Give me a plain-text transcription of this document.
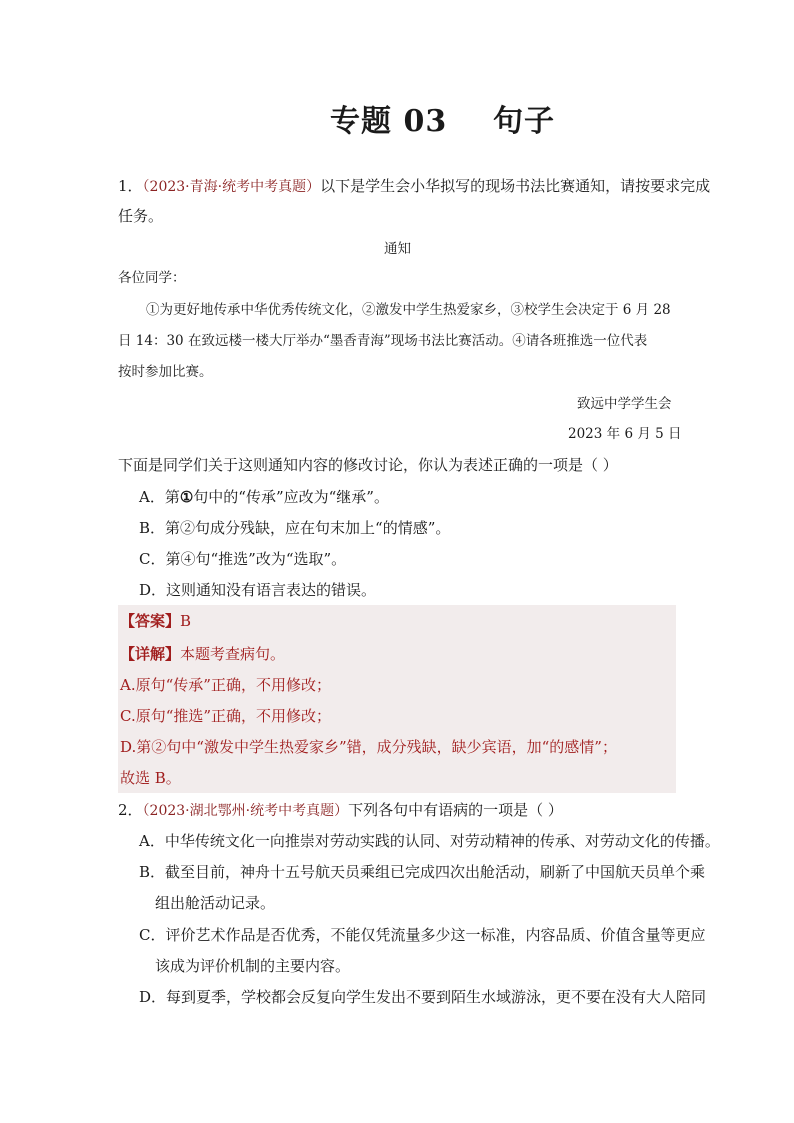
专题 03    句子
1．（2023·青海·统考中考真题）以下是学生会小华拟写的现场书法比赛通知，请按要求完成
任务。
通知
各位同学：
①为更好地传承中华优秀传统文化，②激发中学生热爱家乡，③校学生会决定于 6 月 28
日 14：30 在致远楼一楼大厅举办“墨香青海”现场书法比赛活动。④请各班推选一位代表
按时参加比赛。
致远中学学生会
2023 年 6 月 5 日
下面是同学们关于这则通知内容的修改讨论，你认为表述正确的一项是（ ）
A．第①句中的“传承”应改为“继承”。
B．第②句成分残缺，应在句末加上“的情感”。
C．第④句“推选”改为“选取”。
D．这则通知没有语言表达的错误。
【答案】B
【详解】本题考查病句。
A.原句“传承”正确，不用修改；
C.原句“推选”正确，不用修改；
D.第②句中“激发中学生热爱家乡”错，成分残缺，缺少宾语，加“的感情”；
故选 B。
2．（2023·湖北鄂州·统考中考真题）下列各句中有语病的一项是（ ）
A．中华传统文化一向推崇对劳动实践的认同、对劳动精神的传承、对劳动文化的传播。
B．截至目前，神舟十五号航天员乘组已完成四次出舱活动，刷新了中国航天员单个乘
组出舱活动记录。
C．评价艺术作品是否优秀，不能仅凭流量多少这一标准，内容品质、价值含量等更应
该成为评价机制的主要内容。
D．每到夏季，学校都会反复向学生发出不要到陌生水域游泳，更不要在没有大人陪同
